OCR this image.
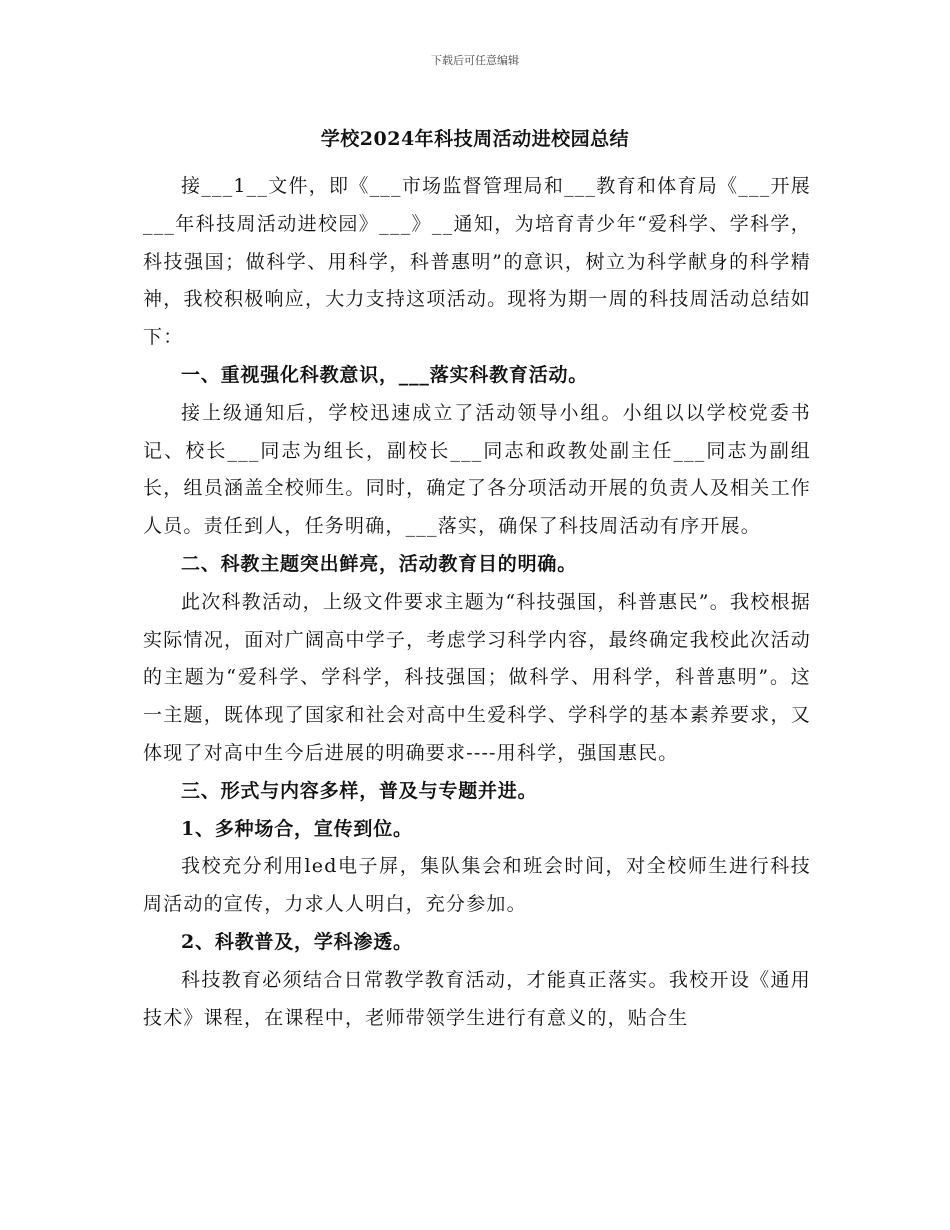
下载后可任意编辑
学校2024年科技周活动进校园总结

接___1__文件，即《___市场监督管理局和___教育和体育局《___开展___年科技周活动进校园》___》__通知，为培育青少年“爱科学、学科学，科技强国；做科学、用科学，科普惠明”的意识，树立为科学献身的科学精神，我校积极响应，大力支持这项活动。现将为期一周的科技周活动总结如下：

一、重视强化科教意识，___落实科教育活动。

接上级通知后，学校迅速成立了活动领导小组。小组以以学校党委书记、校长___同志为组长，副校长___同志和政教处副主任___同志为副组长，组员涵盖全校师生。同时，确定了各分项活动开展的负责人及相关工作人员。责任到人，任务明确，___落实，确保了科技周活动有序开展。

二、科教主题突出鲜亮，活动教育目的明确。

此次科教活动，上级文件要求主题为“科技强国，科普惠民”。我校根据实际情况，面对广阔高中学子，考虑学习科学内容，最终确定我校此次活动的主题为“爱科学、学科学，科技强国；做科学、用科学，科普惠明”。这一主题，既体现了国家和社会对高中生爱科学、学科学的基本素养要求，又体现了对高中生今后进展的明确要求----用科学，强国惠民。

三、形式与内容多样，普及与专题并进。

1、多种场合，宣传到位。

我校充分利用led电子屏，集队集会和班会时间，对全校师生进行科技周活动的宣传，力求人人明白，充分参加。

2、科教普及，学科渗透。

科技教育必须结合日常教学教育活动，才能真正落实。我校开设《通用技术》课程，在课程中，老师带领学生进行有意义的，贴合生
